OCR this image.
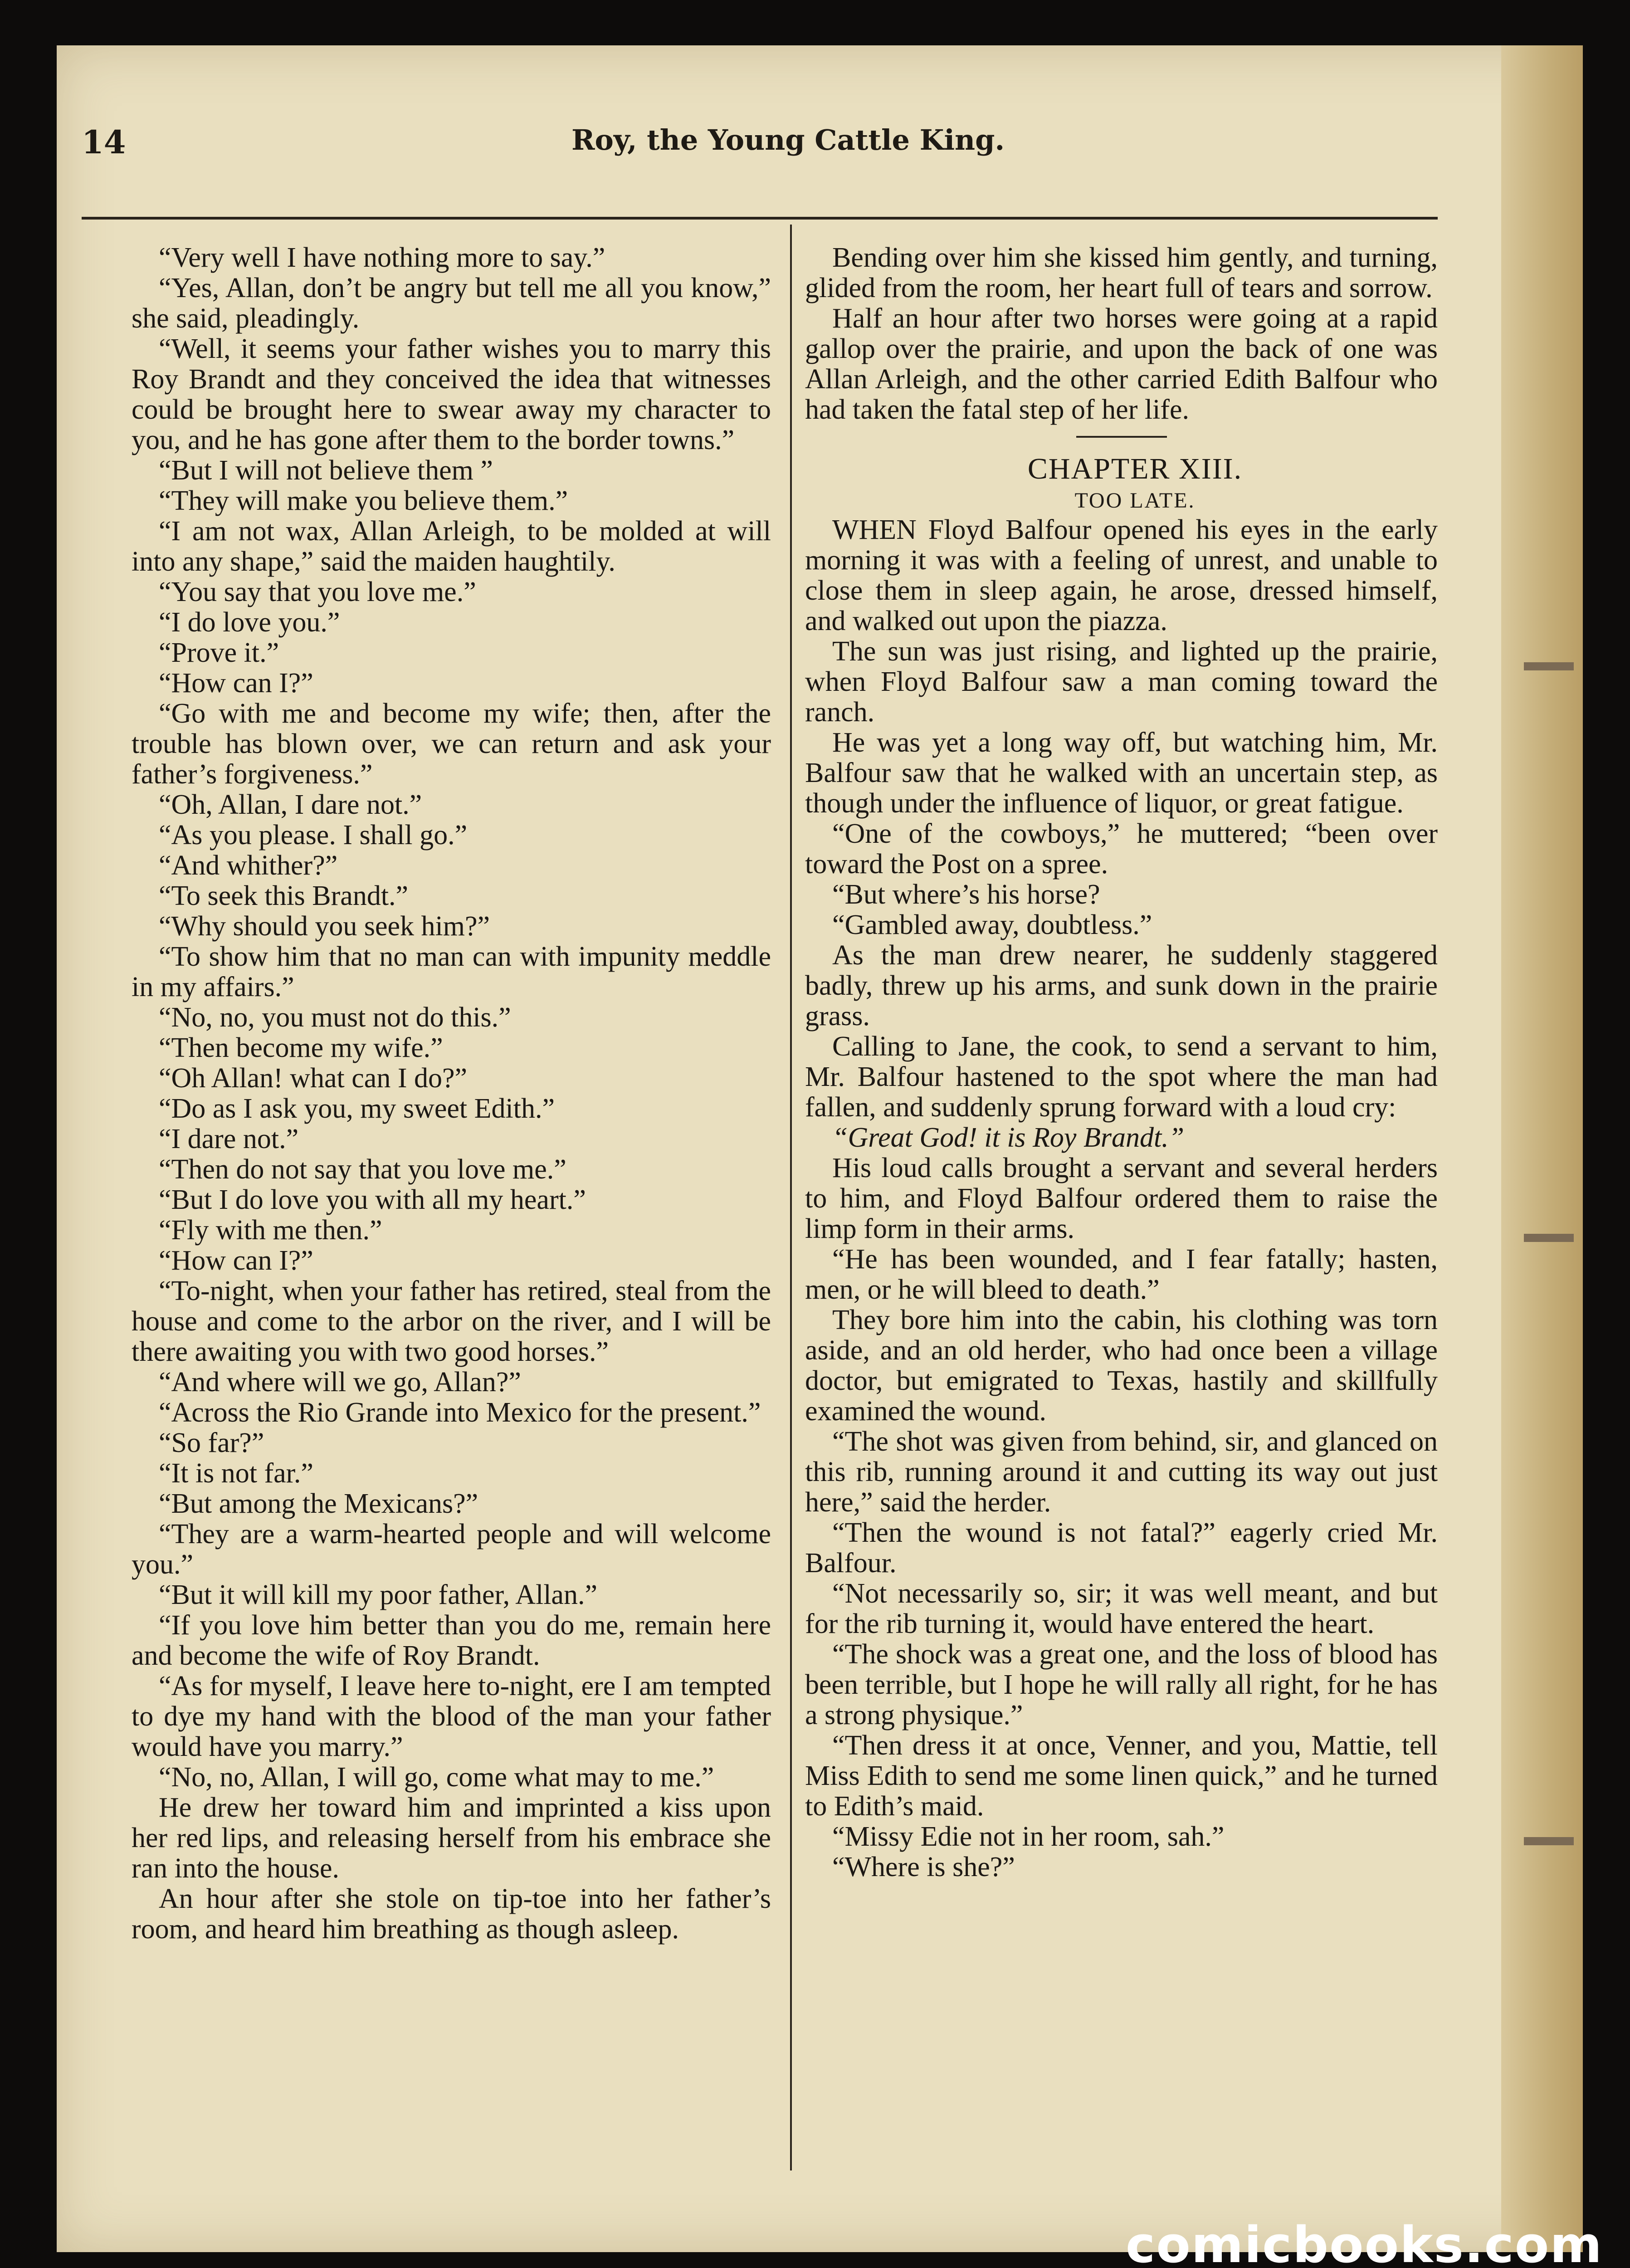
14	Roy, the Young Cattle King.

“Very well I have nothing more to say.”

“Yes, Allan, don’t be angry but tell me all you know,” she said, pleadingly.

“Well, it seems your father wishes you to marry this Roy Brandt and they conceived the idea that witnesses could be brought here to swear away my character to you, and he has gone after them to the border towns.”

“But I will not believe them ”

“They will make you believe them.”

“I am not wax, Allan Arleigh, to be molded at will into any shape,” said the maiden haughtily.

“You say that you love me.”

“I do love you.”

“Prove it.”

“How can I?”

“Go with me and become my wife; then, after the trouble has blown over, we can return and ask your father’s forgiveness.”

“Oh, Allan, I dare not.”

“As you please. I shall go.”

“And whither?”

“To seek this Brandt.”

“Why should you seek him?”

“To show him that no man can with impunity meddle in my affairs.”

“No, no, you must not do this.”

“Then become my wife.”

“Oh Allan! what can I do?”

“Do as I ask you, my sweet Edith.”

“I dare not.”

“Then do not say that you love me.”

“But I do love you with all my heart.”

“Fly with me then.”

“How can I?”

“To-night, when your father has retired, steal from the house and come to the arbor on the river, and I will be there awaiting you with two good horses.”

“And where will we go, Allan?”

“Across the Rio Grande into Mexico for the present.”

“So far?”

“It is not far.”

“But among the Mexicans?”

“They are a warm-hearted people and will welcome you.”

“But it will kill my poor father, Allan.”

“If you love him better than you do me, remain here and become the wife of Roy Brandt.

“As for myself, I leave here to-night, ere I am tempted to dye my hand with the blood of the man your father would have you marry.”

“No, no, Allan, I will go, come what may to me.”

He drew her toward him and imprinted a kiss upon her red lips, and releasing herself from his embrace she ran into the house.

An hour after she stole on tip-toe into her father’s room, and heard him breathing as though asleep.

Bending over him she kissed him gently, and turning, glided from the room, her heart full of tears and sorrow.

Half an hour after two horses were going at a rapid gallop over the prairie, and upon the back of one was Allan Arleigh, and the other carried Edith Balfour who had taken the fatal step of her life.

CHAPTER XIII.

TOO LATE.

WHEN Floyd Balfour opened his eyes in the early morning it was with a feeling of unrest, and unable to close them in sleep again, he arose, dressed himself, and walked out upon the piazza.

The sun was just rising, and lighted up the prairie, when Floyd Balfour saw a man coming toward the ranch.

He was yet a long way off, but watching him, Mr. Balfour saw that he walked with an uncertain step, as though under the influence of liquor, or great fatigue.

“One of the cowboys,” he muttered; “been over toward the Post on a spree.

“But where’s his horse?

“Gambled away, doubtless.”

As the man drew nearer, he suddenly staggered badly, threw up his arms, and sunk down in the prairie grass.

Calling to Jane, the cook, to send a servant to him, Mr. Balfour hastened to the spot where the man had fallen, and suddenly sprung forward with a loud cry:

“Great God! it is Roy Brandt.”

His loud calls brought a servant and several herders to him, and Floyd Balfour ordered them to raise the limp form in their arms.

“He has been wounded, and I fear fatally; hasten, men, or he will bleed to death.”

They bore him into the cabin, his clothing was torn aside, and an old herder, who had once been a village doctor, but emigrated to Texas, hastily and skillfully examined the wound.

“The shot was given from behind, sir, and glanced on this rib, running around it and cutting its way out just here,” said the herder.

“Then the wound is not fatal?” eagerly cried Mr. Balfour.

“Not necessarily so, sir; it was well meant, and but for the rib turning it, would have entered the heart.

“The shock was a great one, and the loss of blood has been terrible, but I hope he will rally all right, for he has a strong physique.”

“Then dress it at once, Venner, and you, Mattie, tell Miss Edith to send me some linen quick,” and he turned to Edith’s maid.

“Missy Edie not in her room, sah.”

“Where is she?”

comicbooks.com
